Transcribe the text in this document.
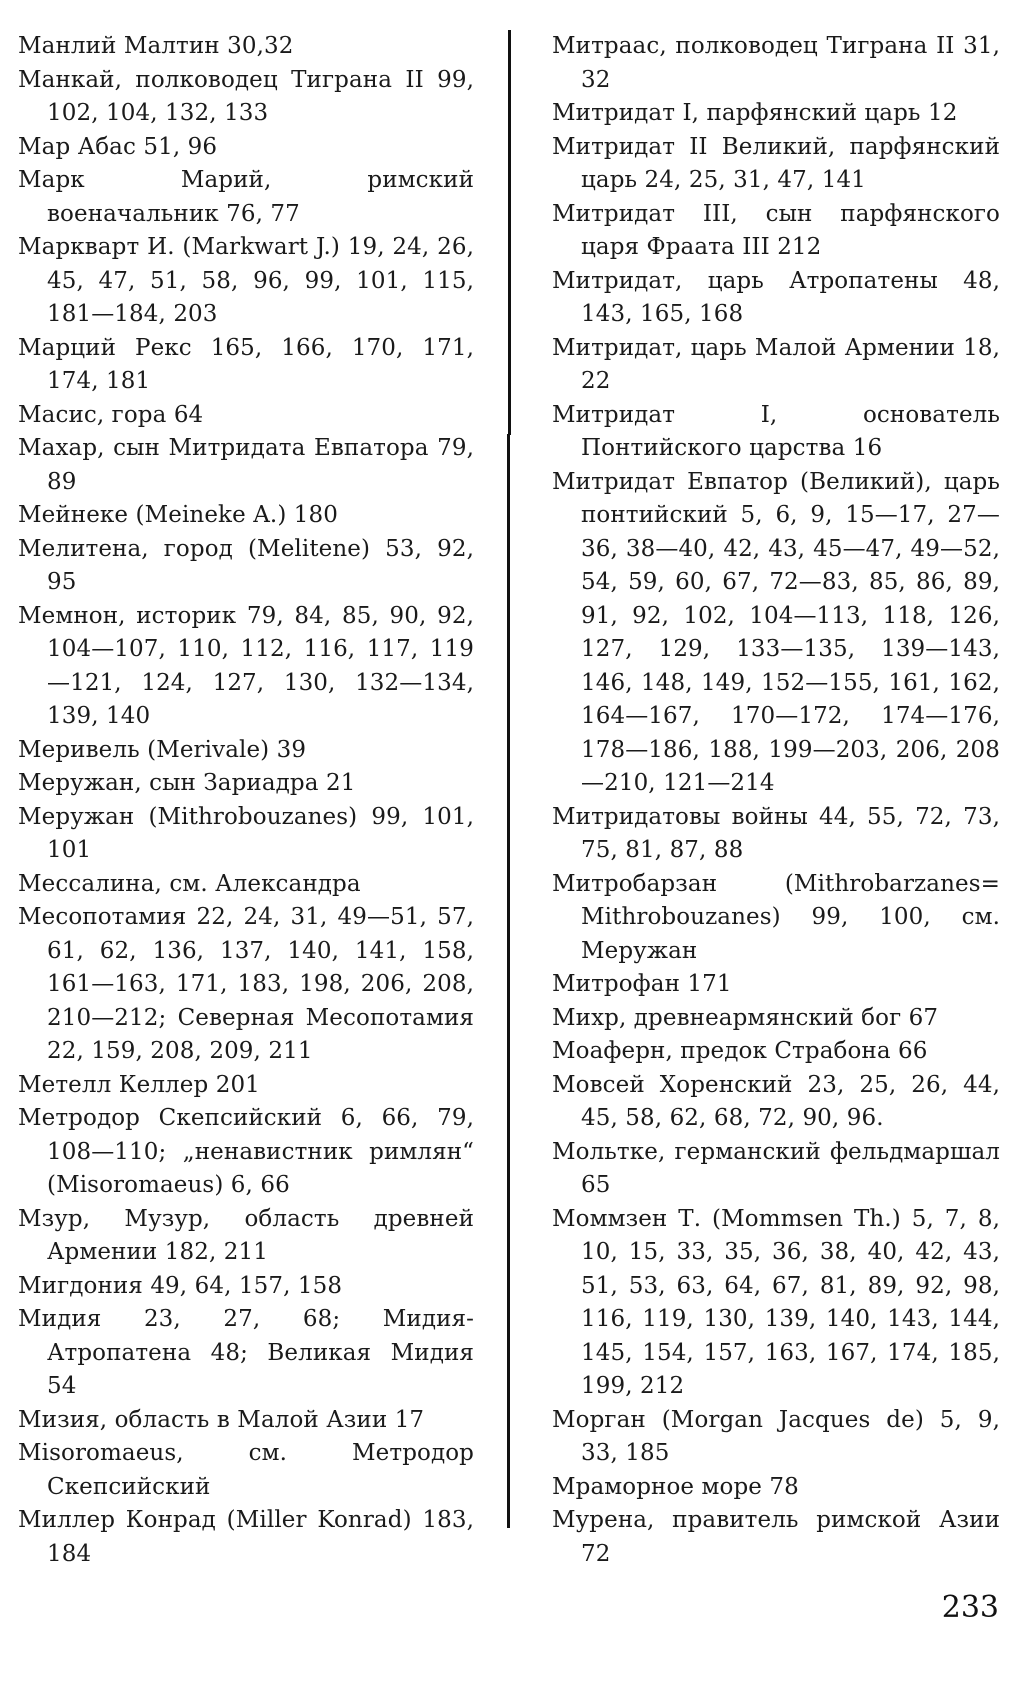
Манлий Малтин 30,32
Манкай, полководец Тиграна II 99, 102, 104, 132, 133
Мар Абас 51, 96
Марк Марий, римский военачальник 76, 77
Маркварт И. (Markwart J.) 19, 24, 26, 45, 47, 51, 58, 96, 99, 101, 115, 181—184, 203
Марций Рекс 165, 166, 170, 171, 174, 181
Масис, гора 64
Махар, сын Митридата Евпатора 79, 89
Мейнеке (Meineke A.) 180
Мелитена, город (Melitene) 53, 92, 95
Мемнон, историк 79, 84, 85, 90, 92, 104—107, 110, 112, 116, 117, 119—121, 124, 127, 130, 132—134, 139, 140
Меривель (Merivale) 39
Меружан, сын Зариадра 21
Меружан (Mithrobouzanes) 99, 101, 101
Мессалина, см. Александра
Месопотамия 22, 24, 31, 49—51, 57, 61, 62, 136, 137, 140, 141, 158, 161—163, 171, 183, 198, 206, 208, 210—212; Северная Месопотамия 22, 159, 208, 209, 211
Метелл Келлер 201
Метродор Скепсийский 6, 66, 79, 108—110; „ненавистник римлян“ (Misoromaeus) 6, 66
Мзур, Музур, область древней Армении 182, 211
Мигдония 49, 64, 157, 158
Мидия 23, 27, 68; Мидия-Атропатена 48; Великая Мидия 54
Мизия, область в Малой Азии 17
Misoromaeus, см. Метродор Скепсийский
Миллер Конрад (Miller Konrad) 183, 184
Митраас, полководец Тиграна II 31, 32
Митридат I, парфянский царь 12
Митридат II Великий, парфянский царь 24, 25, 31, 47, 141
Митридат III, сын парфянского царя Фраата III 212
Митридат, царь Атропатены 48, 143, 165, 168
Митридат, царь Малой Армении 18, 22
Митридат I, основатель Понтийского царства 16
Митридат Евпатор (Великий), царь понтийский 5, 6, 9, 15—17, 27—36, 38—40, 42, 43, 45—47, 49—52, 54, 59, 60, 67, 72—83, 85, 86, 89, 91, 92, 102, 104—113, 118, 126, 127, 129, 133—135, 139—143, 146, 148, 149, 152—155, 161, 162, 164—167, 170—172, 174—176, 178—186, 188, 199—203, 206, 208—210, 121—214
Митридатовы войны 44, 55, 72, 73, 75, 81, 87, 88
Митробарзан (Mithrobarzanes= Mithrobouzanes) 99, 100, см. Меружан
Митрофан 171
Михр, древнеармянский бог 67
Моаферн, предок Страбона 66
Мовсей Хоренский 23, 25, 26, 44, 45, 58, 62, 68, 72, 90, 96.
Мольтке, германский фельдмаршал 65
Моммзен Т. (Mommsen Th.) 5, 7, 8, 10, 15, 33, 35, 36, 38, 40, 42, 43, 51, 53, 63, 64, 67, 81, 89, 92, 98, 116, 119, 130, 139, 140, 143, 144, 145, 154, 157, 163, 167, 174, 185, 199, 212
Морган (Morgan Jacques de) 5, 9, 33, 185
Мраморное море 78
Мурена, правитель римской Азии 72
233
